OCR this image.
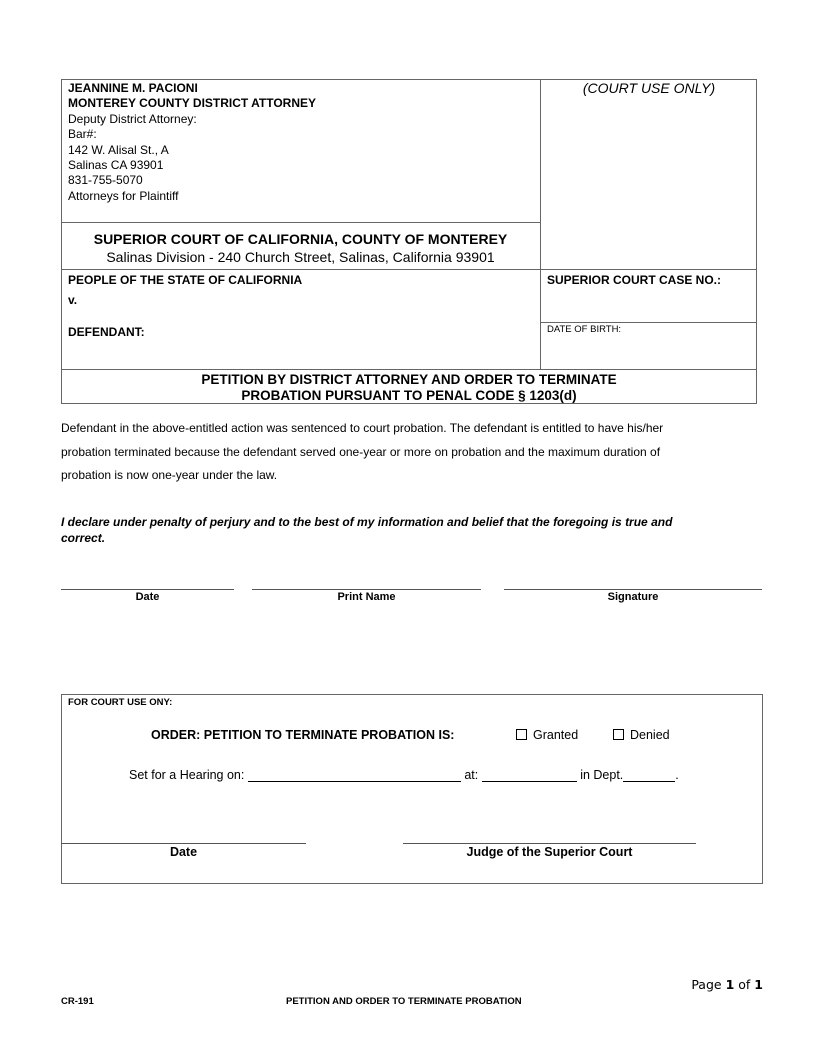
JEANNINE M. PACIONI
MONTEREY COUNTY DISTRICT ATTORNEY
Deputy District Attorney:
Bar#:
142 W. Alisal St., A
Salinas CA 93901
831-755-5070
Attorneys for Plaintiff
(COURT USE ONLY)
SUPERIOR COURT OF CALIFORNIA, COUNTY OF MONTEREY
Salinas Division - 240 Church Street, Salinas, California 93901
PEOPLE OF THE STATE OF CALIFORNIA
v.
DEFENDANT:
SUPERIOR COURT CASE NO.:
DATE OF BIRTH:
PETITION BY DISTRICT ATTORNEY AND ORDER TO TERMINATE
PROBATION PURSUANT TO PENAL CODE § 1203(d)
Defendant in the above-entitled action was sentenced to court probation. The defendant is entitled to have his/her
probation terminated because the defendant served one-year or more on probation and the maximum duration of
probation is now one-year under the law.
I declare under penalty of perjury and to the best of my information and belief that the foregoing is true and
correct.
Date	Print Name	Signature
FOR COURT USE ONY:
ORDER: PETITION TO TERMINATE PROBATION IS:	Granted	Denied
Set for a Hearing on:	at:	in Dept.	.
Date	Judge of the Superior Court
Page 1 of 1
CR-191	PETITION AND ORDER TO TERMINATE PROBATION
